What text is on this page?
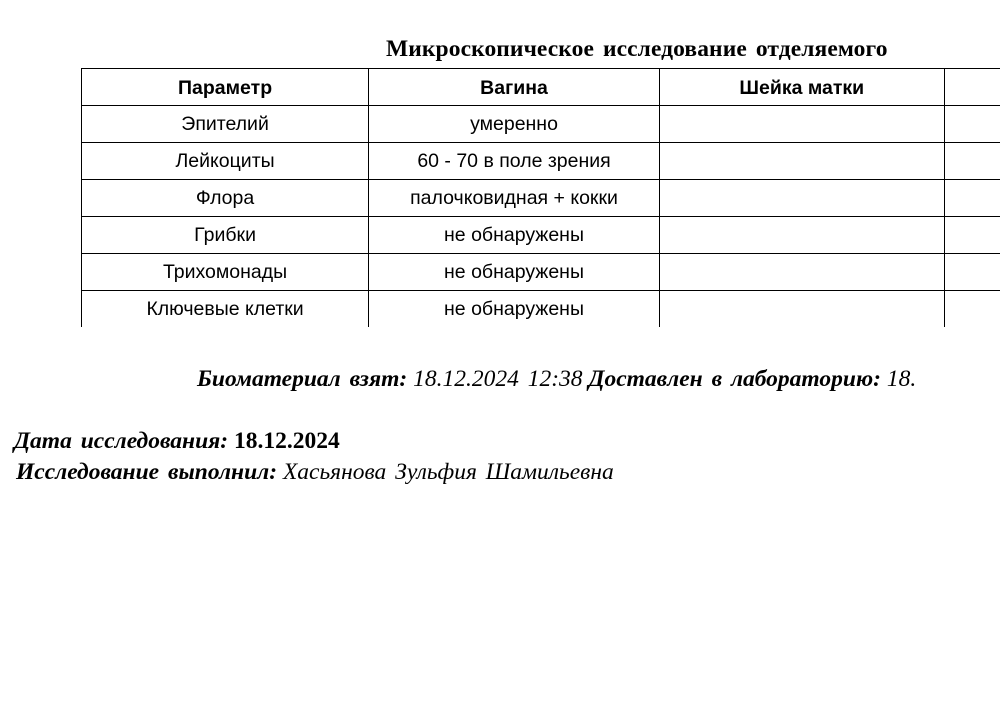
Микроскопическое исследование отделяемого
Параметр	Вагина	Шейка матки	
Эпителий	умеренно		
Лейкоциты	60 - 70 в поле зрения		
Флора	палочковидная + кокки		
Грибки	не обнаружены		
Трихомонады	не обнаружены		
Ключевые клетки	не обнаружены		
Биоматериал взят: 18.12.2024 12:38 Доставлен в лабораторию: 18.
Дата исследования: 18.12.2024
Исследование выполнил: Хасьянова Зульфия Шамильевна
